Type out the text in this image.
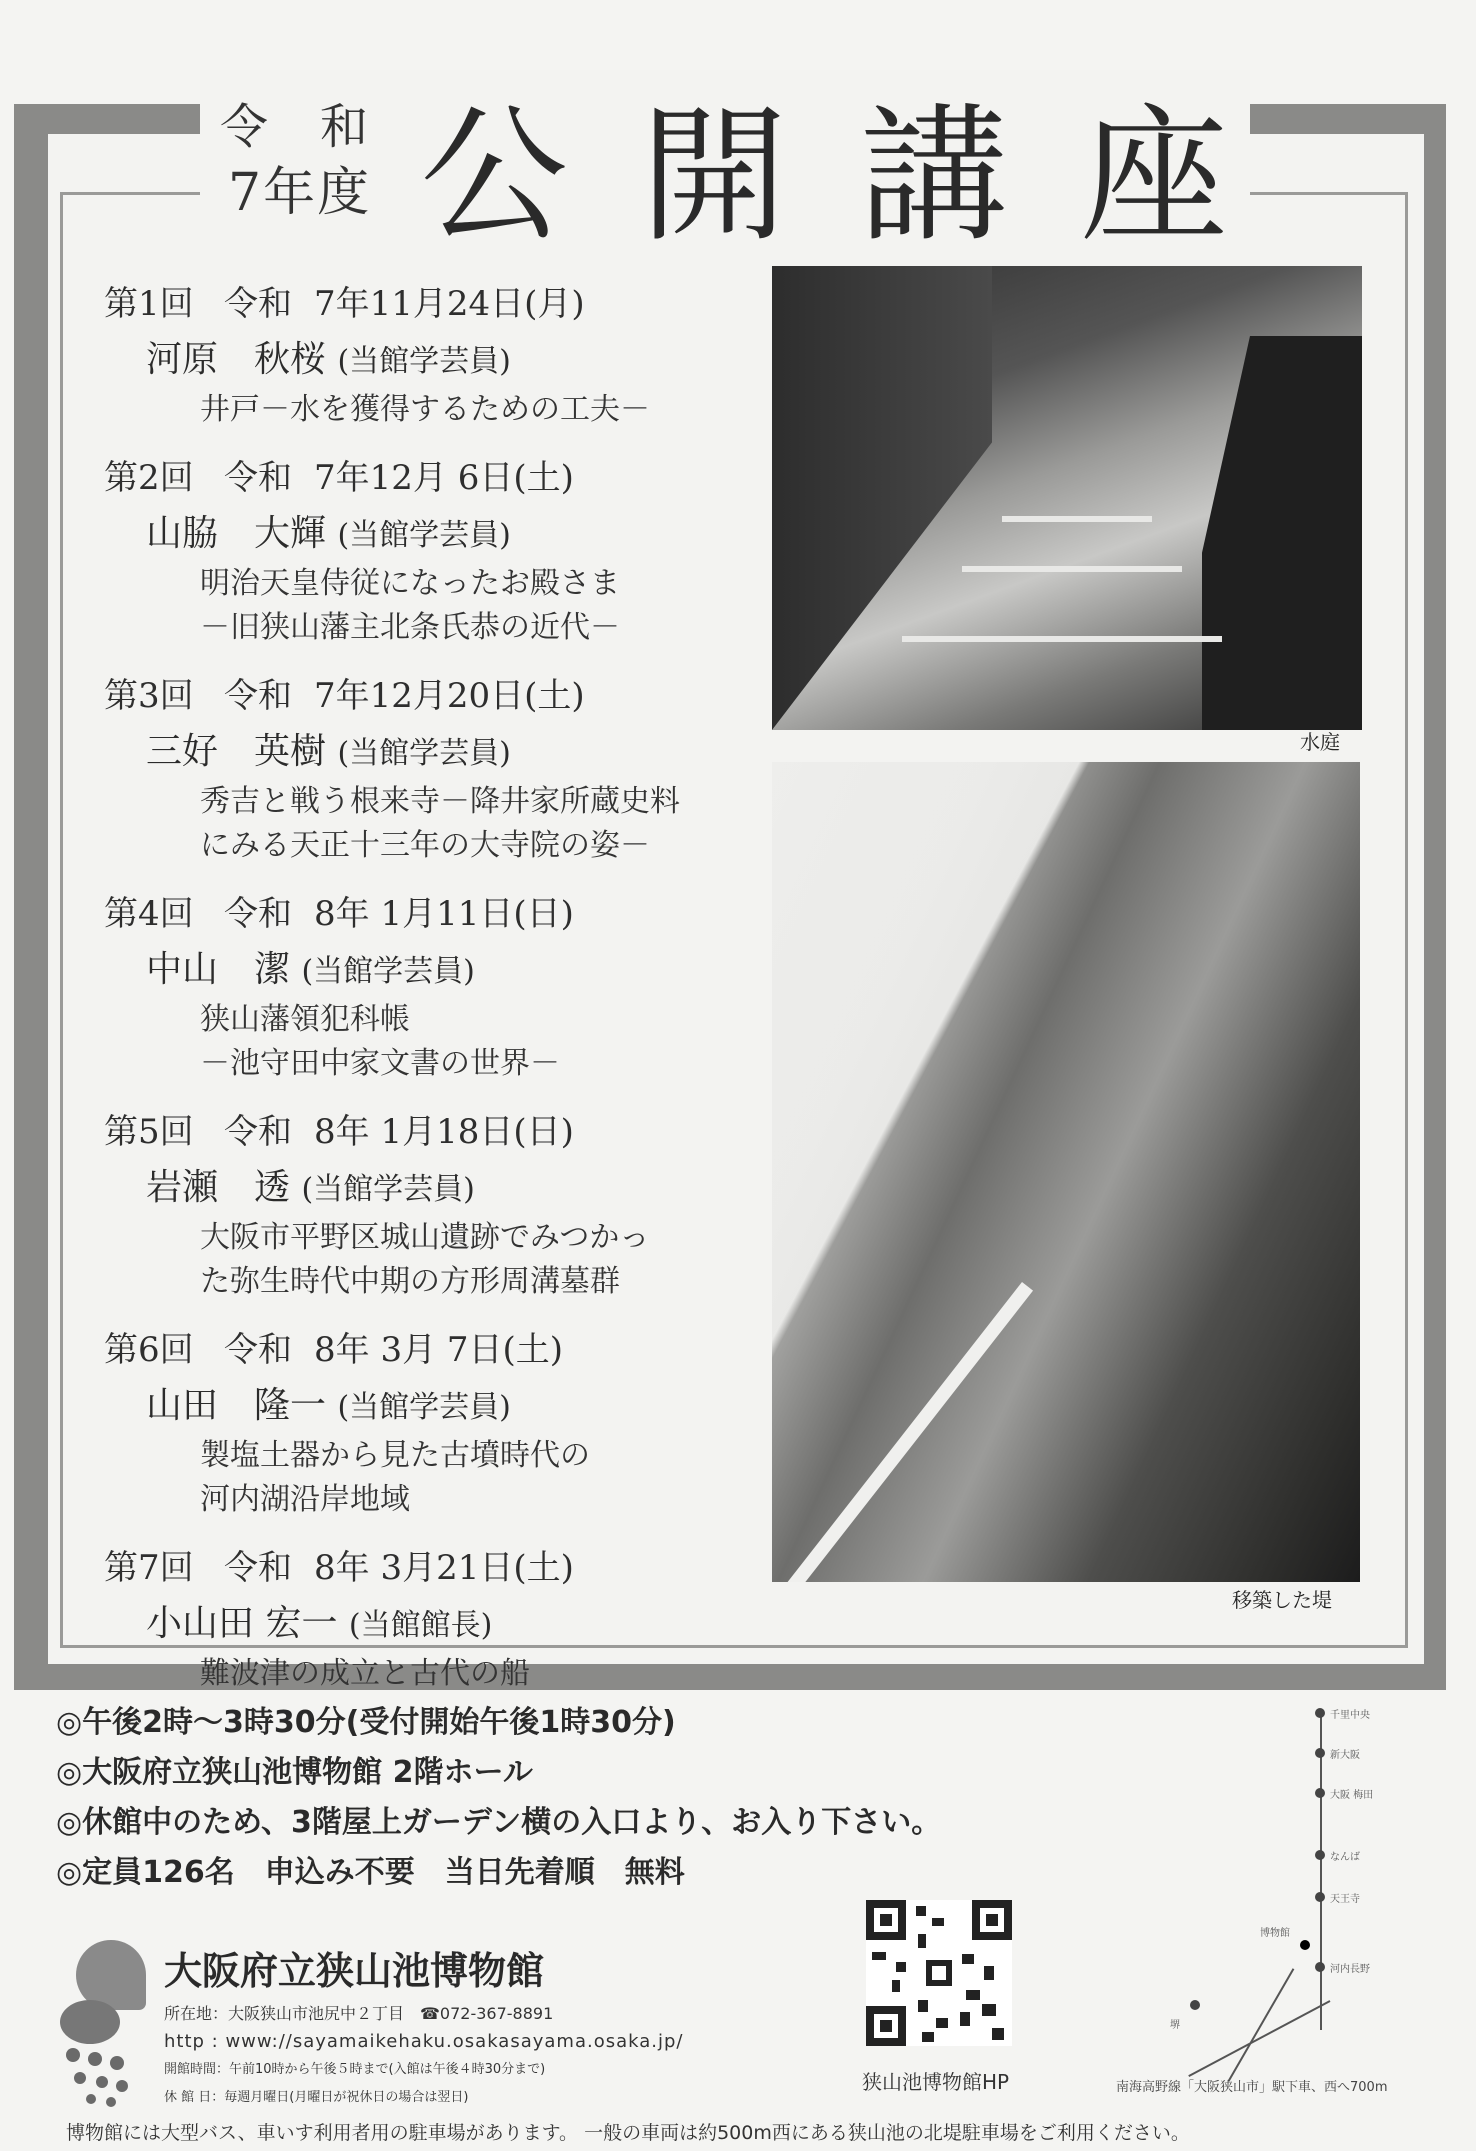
令 和
7年度 公 開 講 座
第1回 令和 7年11月24日(月)
河原　秋桜 (当館学芸員)
井戸－水を獲得するための工夫－
第2回 令和 7年12月 6日(土)
山脇　大輝 (当館学芸員)
明治天皇侍従になったお殿さま
－旧狭山藩主北条氏恭の近代－
第3回 令和 7年12月20日(土)
三好　英樹 (当館学芸員)
秀吉と戦う根来寺－降井家所蔵史料
にみる天正十三年の大寺院の姿－
第4回 令和 8年 1月11日(日)
中山　潔 (当館学芸員)
狭山藩領犯科帳
－池守田中家文書の世界－
第5回 令和 8年 1月18日(日)
岩瀬　透 (当館学芸員)
大阪市平野区城山遺跡でみつかっ
た弥生時代中期の方形周溝墓群
第6回 令和 8年 3月 7日(土)
山田　隆一 (当館学芸員)
製塩土器から見た古墳時代の
河内湖沿岸地域
第7回 令和 8年 3月21日(土)
小山田 宏一 (当館館長)
難波津の成立と古代の船
水庭
移築した堤
◎午後2時～3時30分(受付開始午後1時30分)
◎大阪府立狭山池博物館 2階ホール
◎休館中のため、3階屋上ガーデン横の入口より、お入り下さい。
◎定員126名　申込み不要　当日先着順　無料
大阪府立狭山池博物館
所在地：大阪狭山市池尻中２丁目　☎072-367-8891
http : www://sayamaikehaku.osakasayama.osaka.jp/
開館時間：午前10時から午後５時まで(入館は午後４時30分まで)
休 館 日：毎週月曜日(月曜日が祝休日の場合は翌日)
狭山池博物館HP
千里中央
新大阪
大阪 梅田
なんば
天王寺
河内長野
堺
博物館
南海高野線「大阪狭山市」駅下車、西へ700m
博物館には大型バス、車いす利用者用の駐車場があります。 一般の車両は約500m西にある狭山池の北堤駐車場をご利用ください。
